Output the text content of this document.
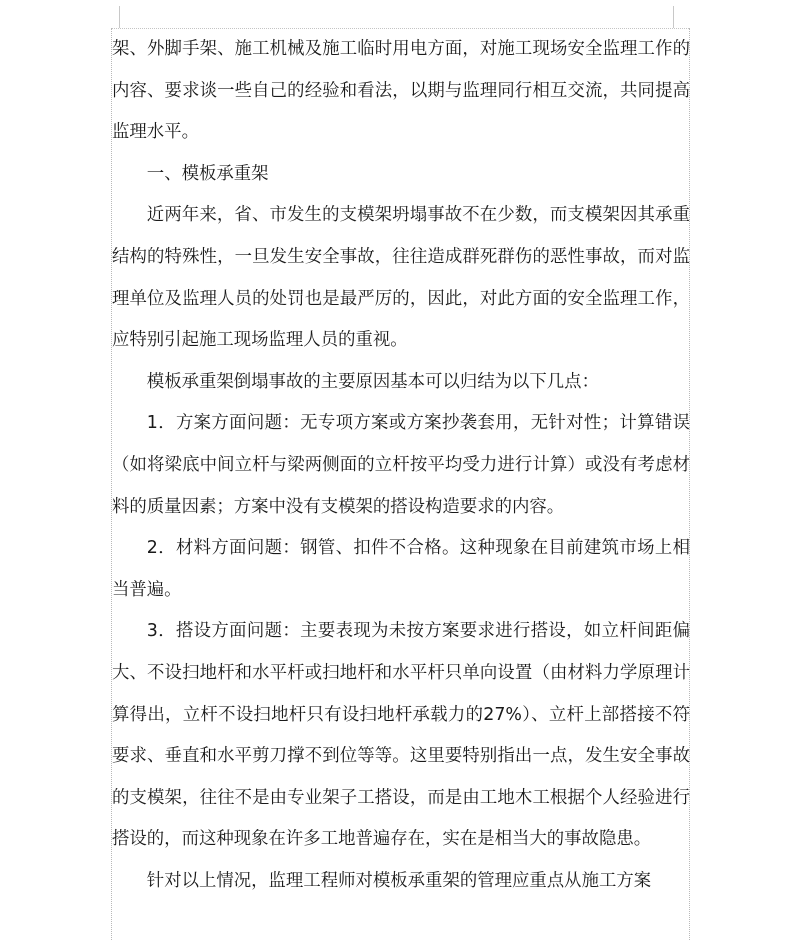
架、外脚手架、施工机械及施工临时用电方面，对施工现场安全监理工作的内容、要求谈一些自己的经验和看法，以期与监理同行相互交流，共同提高监理水平。

一、模板承重架

近两年来，省、市发生的支模架坍塌事故不在少数，而支模架因其承重结构的特殊性，一旦发生安全事故，往往造成群死群伤的恶性事故，而对监理单位及监理人员的处罚也是最严厉的，因此，对此方面的安全监理工作，应特别引起施工现场监理人员的重视。

模板承重架倒塌事故的主要原因基本可以归结为以下几点：

1．方案方面问题：无专项方案或方案抄袭套用，无针对性；计算错误（如将梁底中间立杆与梁两侧面的立杆按平均受力进行计算）或没有考虑材料的质量因素；方案中没有支模架的搭设构造要求的内容。

2．材料方面问题：钢管、扣件不合格。这种现象在目前建筑市场上相当普遍。

3．搭设方面问题：主要表现为未按方案要求进行搭设，如立杆间距偏大、不设扫地杆和水平杆或扫地杆和水平杆只单向设置（由材料力学原理计算得出，立杆不设扫地杆只有设扫地杆承载力的27%）、立杆上部搭接不符要求、垂直和水平剪刀撑不到位等等。这里要特别指出一点，发生安全事故的支模架，往往不是由专业架子工搭设，而是由工地木工根据个人经验进行搭设的，而这种现象在许多工地普遍存在，实在是相当大的事故隐患。

针对以上情况，监理工程师对模板承重架的管理应重点从施工方案
